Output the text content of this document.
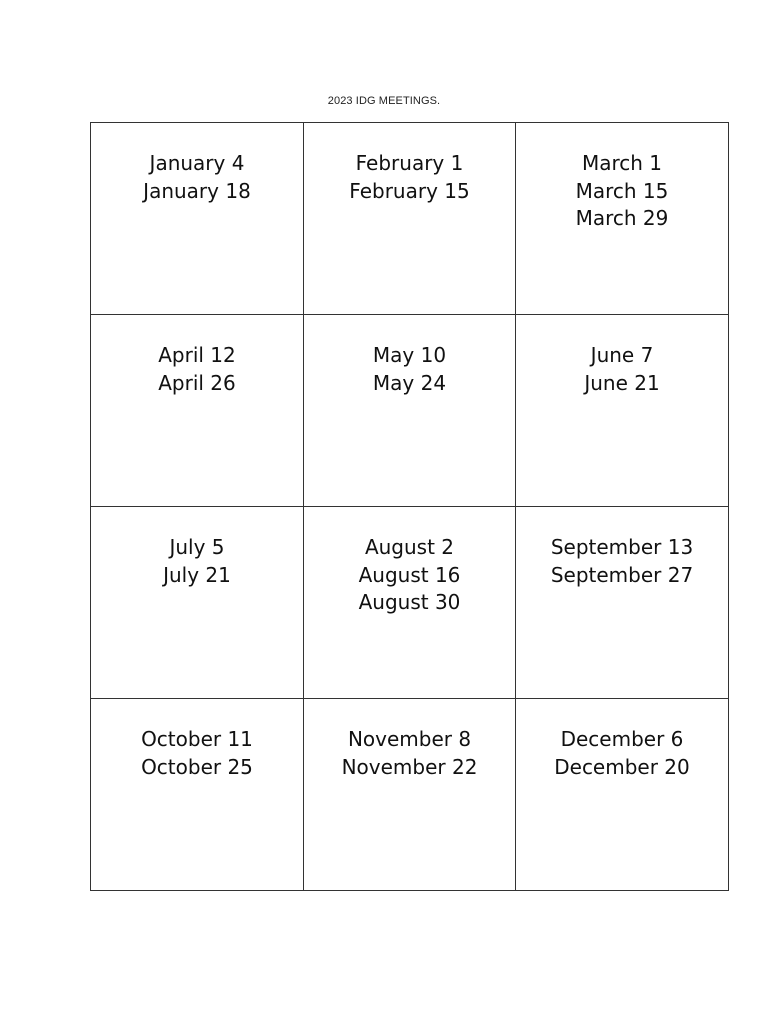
2023 IDG MEETINGS.
January 4
January 18
February 1
February 15
March 1
March 15
March 29
April 12
April 26
May 10
May 24
June 7
June 21
July 5
July 21
August 2
August 16
August 30
September 13
September 27
October 11
October 25
November 8
November 22
December 6
December 20
